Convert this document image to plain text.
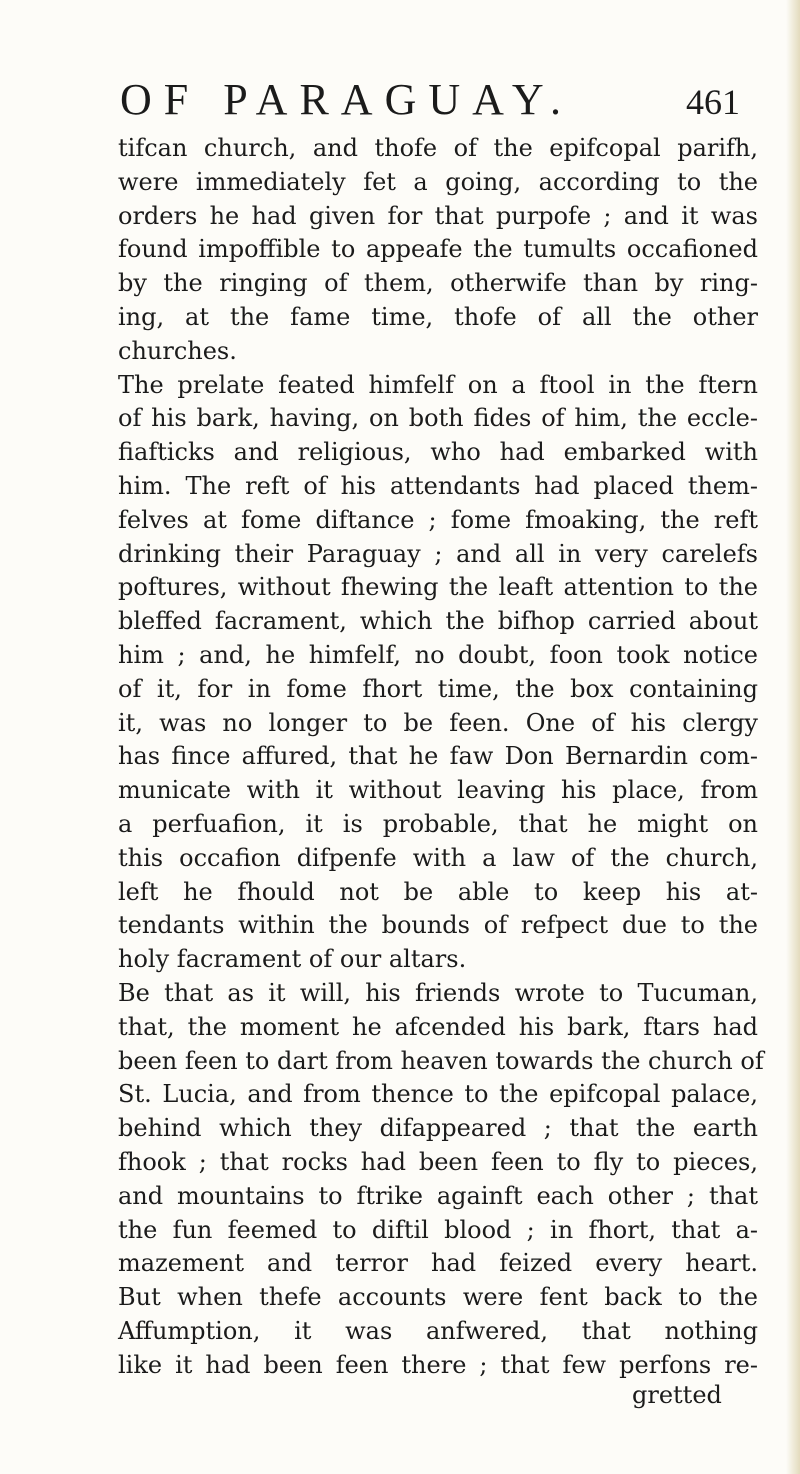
OF PARAGUAY.	461
tifcan church, and thofe of the epifcopal parifh,
were immediately fet a going, according to the
orders he had given for that purpofe ; and it was
found impoffible to appeafe the tumults occafioned
by the ringing of them, otherwife than by ring-
ing, at the fame time, thofe of all the other
churches.
The prelate feated himfelf on a ftool in the ftern
of his bark, having, on both fides of him, the eccle-
fiafticks and religious, who had embarked with
him. The reft of his attendants had placed them-
felves at fome diftance ; fome fmoaking, the reft
drinking their Paraguay ; and all in very carelefs
poftures, without fhewing the leaft attention to the
bleffed facrament, which the bifhop carried about
him ; and, he himfelf, no doubt, foon took notice
of it, for in fome fhort time, the box containing
it, was no longer to be feen. One of his clergy
has fince affured, that he faw Don Bernardin com-
municate with it without leaving his place, from
a perfuafion, it is probable, that he might on
this occafion difpenfe with a law of the church,
left he fhould not be able to keep his at-
tendants within the bounds of refpect due to the
holy facrament of our altars.
Be that as it will, his friends wrote to Tucuman,
that, the moment he afcended his bark, ftars had
been feen to dart from heaven towards the church of
St. Lucia, and from thence to the epifcopal palace,
behind which they difappeared ; that the earth
fhook ; that rocks had been feen to fly to pieces,
and mountains to ftrike againft each other ; that
the fun feemed to diftil blood ; in fhort, that a-
mazement and terror had feized every heart.
But when thefe accounts were fent back to the
Affumption, it was anfwered, that nothing
like it had been feen there ; that few perfons re-
gretted
